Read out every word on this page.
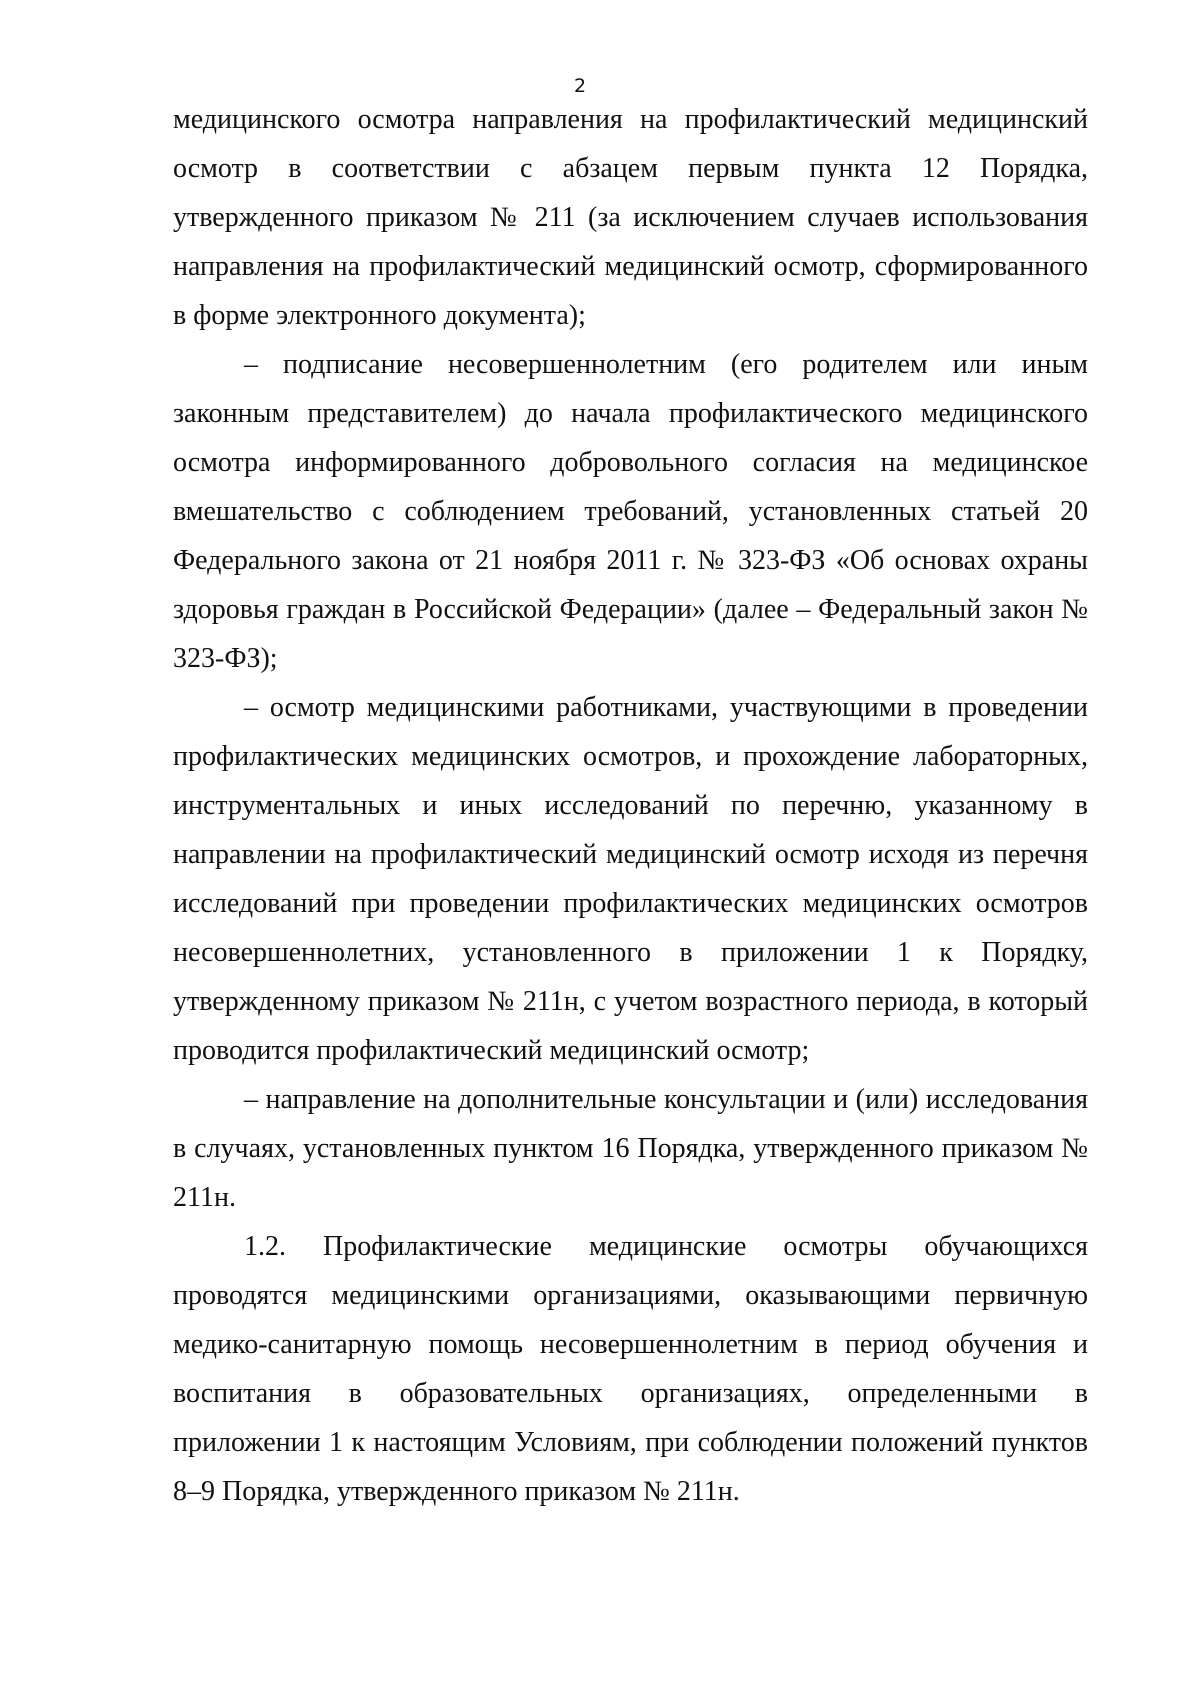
2

медицинского осмотра направления на профилактический медицинский осмотр в соответствии с абзацем первым пункта 12 Порядка, утвержденного приказом № 211 (за исключением случаев использования направления на профилактический медицинский осмотр, сформированного в форме электронного документа);

– подписание несовершеннолетним (его родителем или иным законным представителем) до начала профилактического медицинского осмотра информированного добровольного согласия на медицинское вмешательство с соблюдением требований, установленных статьей 20 Федерального закона от 21 ноября 2011 г. № 323-ФЗ «Об основах охраны здоровья граждан в Российской Федерации» (далее – Федеральный закон № 323-ФЗ);

– осмотр медицинскими работниками, участвующими в проведении профилактических медицинских осмотров, и прохождение лабораторных, инструментальных и иных исследований по перечню, указанному в направлении на профилактический медицинский осмотр исходя из перечня исследований при проведении профилактических медицинских осмотров несовершеннолетних, установленного в приложении 1 к Порядку, утвержденному приказом № 211н, с учетом возрастного периода, в который проводится профилактический медицинский осмотр;

– направление на дополнительные консультации и (или) исследования в случаях, установленных пунктом 16 Порядка, утвержденного приказом № 211н.

1.2. Профилактические медицинские осмотры обучающихся проводятся медицинскими организациями, оказывающими первичную медико-санитарную помощь несовершеннолетним в период обучения и воспитания в образовательных организациях, определенными в приложении 1 к настоящим Условиям, при соблюдении положений пунктов 8–9 Порядка, утвержденного приказом № 211н.
